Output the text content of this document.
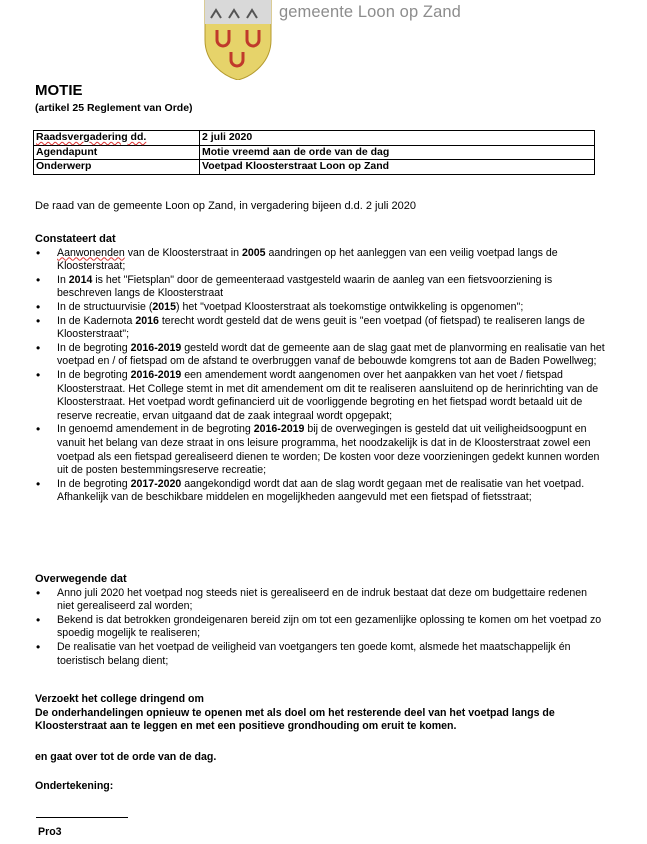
gemeente Loon op Zand
MOTIE
(artikel 25 Reglement van Orde)
Raadsvergadering dd.	2 juli 2020
Agendapunt	Motie vreemd aan de orde van de dag
Onderwerp	Voetpad Kloosterstraat Loon op Zand
De raad van de gemeente Loon op Zand, in vergadering bijeen d.d. 2 juli 2020
Constateert dat
• Aanwonenden van de Kloosterstraat in 2005 aandringen op het aanleggen van een veilig voetpad langs de Kloosterstraat;
• In 2014 is het "Fietsplan" door de gemeenteraad vastgesteld waarin de aanleg van een fietsvoorziening is beschreven langs de Kloosterstraat
• In de structuurvisie (2015) het "voetpad Kloosterstraat als toekomstige ontwikkeling is opgenomen";
• In de Kadernota 2016 terecht wordt gesteld dat de wens geuit is "een voetpad (of fietspad) te realiseren langs de Kloosterstraat";
• In de begroting 2016-2019 gesteld wordt dat de gemeente aan de slag gaat met de planvorming en realisatie van het voetpad en / of fietspad om de afstand te overbruggen vanaf de bebouwde komgrens tot aan de Baden Powellweg;
• In de begroting 2016-2019 een amendement wordt aangenomen over het aanpakken van het voet / fietspad Kloosterstraat. Het College stemt in met dit amendement om dit te realiseren aansluitend op de herinrichting van de Kloosterstraat. Het voetpad wordt gefinancierd uit de voorliggende begroting en het fietspad wordt betaald uit de reserve recreatie, ervan uitgaand dat de zaak integraal wordt opgepakt;
• In genoemd amendement in de begroting 2016-2019 bij de overwegingen is gesteld dat uit veiligheidsoogpunt en vanuit het belang van deze straat in ons leisure programma, het noodzakelijk is dat in de Kloosterstraat zowel een voetpad als een fietspad gerealiseerd dienen te worden; De kosten voor deze voorzieningen gedekt kunnen worden uit de posten bestemmingsreserve recreatie;
• In de begroting 2017-2020 aangekondigd wordt dat aan de slag wordt gegaan met de realisatie van het voetpad. Afhankelijk van de beschikbare middelen en mogelijkheden aangevuld met een fietspad of fietsstraat;
Overwegende dat
• Anno juli 2020 het voetpad nog steeds niet is gerealiseerd en de indruk bestaat dat deze om budgettaire redenen niet gerealiseerd zal worden;
• Bekend is dat betrokken grondeigenaren bereid zijn om tot een gezamenlijke oplossing te komen om het voetpad zo spoedig mogelijk te realiseren;
• De realisatie van het voetpad de veiligheid van voetgangers ten goede komt, alsmede het maatschappelijk én toeristisch belang dient;
Verzoekt het college dringend om
De onderhandelingen opnieuw te openen met als doel om het resterende deel van het voetpad langs de Kloosterstraat aan te leggen en met een positieve grondhouding om eruit te komen.
en gaat over tot de orde van de dag.
Ondertekening:
Pro3
